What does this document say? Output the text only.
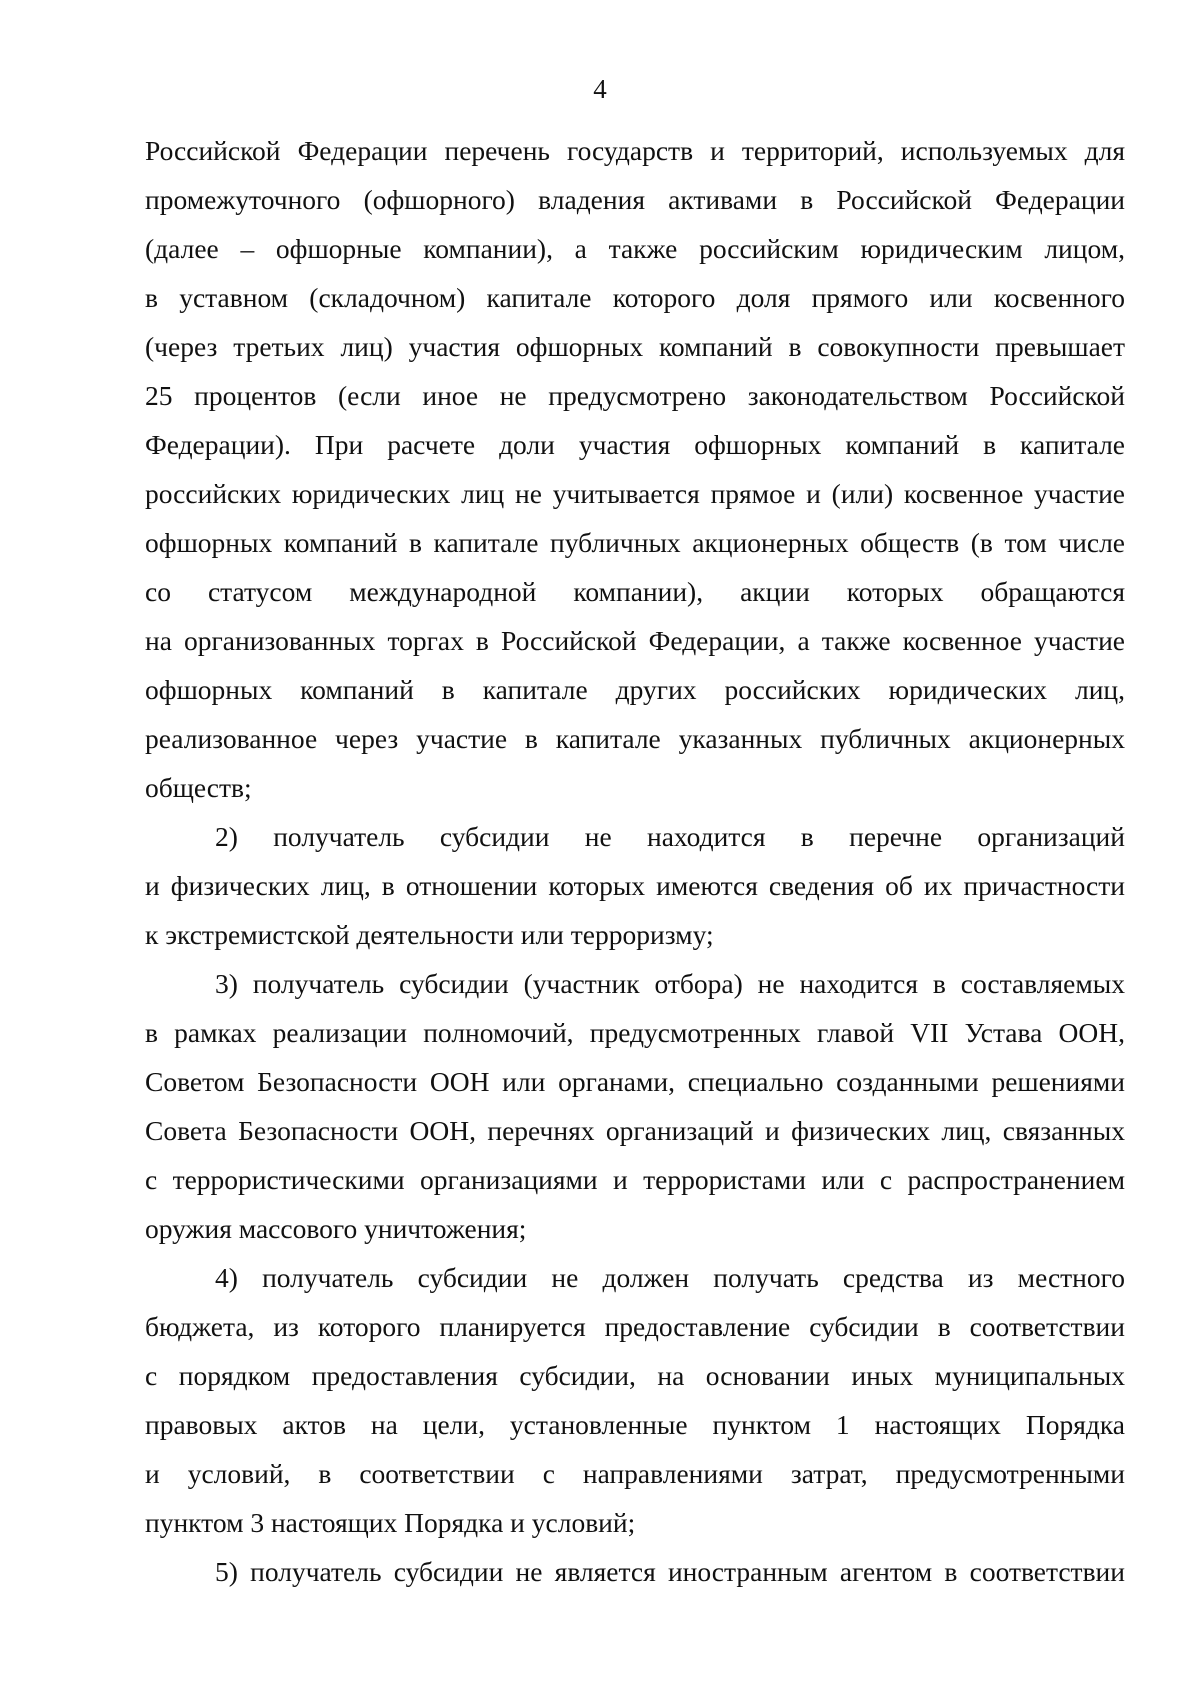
4
Российской Федерации перечень государств и территорий, используемых для
промежуточного (офшорного) владения активами в Российской Федерации
(далее – офшорные компании), а также российским юридическим лицом,
в уставном (складочном) капитале которого доля прямого или косвенного
(через третьих лиц) участия офшорных компаний в совокупности превышает
25 процентов (если иное не предусмотрено законодательством Российской
Федерации). При расчете доли участия офшорных компаний в капитале
российских юридических лиц не учитывается прямое и (или) косвенное участие
офшорных компаний в капитале публичных акционерных обществ (в том числе
со статусом международной компании), акции которых обращаются
на организованных торгах в Российской Федерации, а также косвенное участие
офшорных компаний в капитале других российских юридических лиц,
реализованное через участие в капитале указанных публичных акционерных
обществ;
2) получатель субсидии не находится в перечне организаций
и физических лиц, в отношении которых имеются сведения об их причастности
к экстремистской деятельности или терроризму;
3) получатель субсидии (участник отбора) не находится в составляемых
в рамках реализации полномочий, предусмотренных главой VII Устава ООН,
Советом Безопасности ООН или органами, специально созданными решениями
Совета Безопасности ООН, перечнях организаций и физических лиц, связанных
с террористическими организациями и террористами или с распространением
оружия массового уничтожения;
4) получатель субсидии не должен получать средства из местного
бюджета, из которого планируется предоставление субсидии в соответствии
с порядком предоставления субсидии, на основании иных муниципальных
правовых актов на цели, установленные пунктом 1 настоящих Порядка
и условий, в соответствии с направлениями затрат, предусмотренными
пунктом 3 настоящих Порядка и условий;
5) получатель субсидии не является иностранным агентом в соответствии
